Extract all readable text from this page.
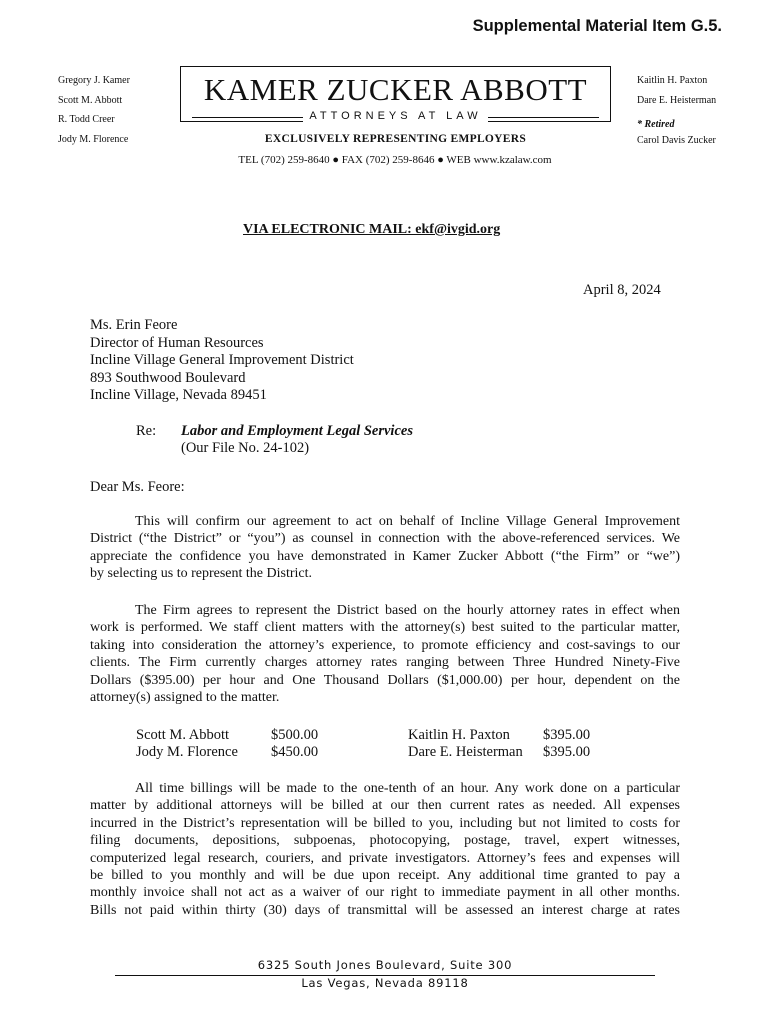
Supplemental Material Item G.5.
Gregory J. Kamer
Scott M. Abbott
R. Todd Creer
Jody M. Florence
KAMER ZUCKER ABBOTT
ATTORNEYS AT LAW
Kaitlin H. Paxton
Dare E. Heisterman
* Retired
Carol Davis Zucker
EXCLUSIVELY REPRESENTING EMPLOYERS
TEL (702) 259-8640 ● FAX (702) 259-8646 ● WEB www.kzalaw.com
VIA ELECTRONIC MAIL: ekf@ivgid.org
April 8, 2024
Ms. Erin Feore
Director of Human Resources
Incline Village General Improvement District
893 Southwood Boulevard
Incline Village, Nevada 89451
Re: Labor and Employment Legal Services
(Our File No. 24-102)
Dear Ms. Feore:
This will confirm our agreement to act on behalf of Incline Village General Improvement
District (“the District” or “you”) as counsel in connection with the above-referenced services. We
appreciate the confidence you have demonstrated in Kamer Zucker Abbott (“the Firm” or “we”)
by selecting us to represent the District.
The Firm agrees to represent the District based on the hourly attorney rates in effect when
work is performed. We staff client matters with the attorney(s) best suited to the particular matter,
taking into consideration the attorney’s experience, to promote efficiency and cost-savings to our
clients. The Firm currently charges attorney rates ranging between Three Hundred Ninety-Five
Dollars ($395.00) per hour and One Thousand Dollars ($1,000.00) per hour, dependent on the
attorney(s) assigned to the matter.
Scott M. Abbott	$500.00
Jody M. Florence $450.00
Kaitlin H. Paxton $395.00
Dare E. Heisterman $395.00
All time billings will be made to the one-tenth of an hour. Any work done on a particular
matter by additional attorneys will be billed at our then current rates as needed. All expenses
incurred in the District’s representation will be billed to you, including but not limited to costs for
filing documents, depositions, subpoenas, photocopying, postage, travel, expert witnesses,
computerized legal research, couriers, and private investigators. Attorney’s fees and expenses will
be billed to you monthly and will be due upon receipt. Any additional time granted to pay a
monthly invoice shall not act as a waiver of our right to immediate payment in all other months.
Bills not paid within thirty (30) days of transmittal will be assessed an interest charge at rates
6325 South Jones Boulevard, Suite 300
Las Vegas, Nevada 89118
